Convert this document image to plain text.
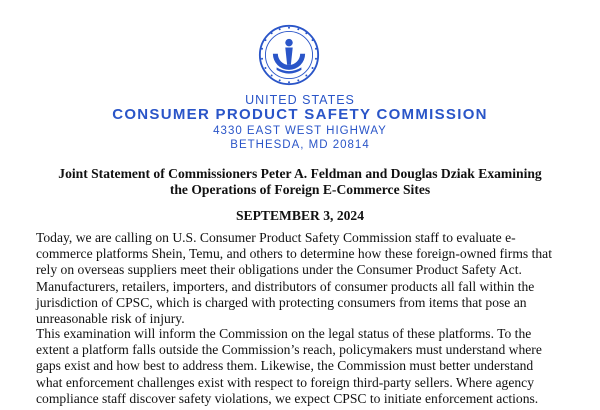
UNITED STATES
CONSUMER PRODUCT SAFETY COMMISSION
4330 EAST WEST HIGHWAY
BETHESDA, MD 20814
Joint Statement of Commissioners Peter A. Feldman and Douglas Dziak Examining the Operations of Foreign E-Commerce Sites
SEPTEMBER 3, 2024

Today, we are calling on U.S. Consumer Product Safety Commission staff to evaluate e-commerce platforms Shein, Temu, and others to determine how these foreign-owned firms that rely on overseas suppliers meet their obligations under the Consumer Product Safety Act. Manufacturers, retailers, importers, and distributors of consumer products all fall within the jurisdiction of CPSC, which is charged with protecting consumers from items that pose an unreasonable risk of injury.

This examination will inform the Commission on the legal status of these platforms. To the extent a platform falls outside the Commission’s reach, policymakers must understand where gaps exist and how best to address them. Likewise, the Commission must better understand what enforcement challenges exist with respect to foreign third-party sellers. Where agency compliance staff discover safety violations, we expect CPSC to initiate enforcement actions.
